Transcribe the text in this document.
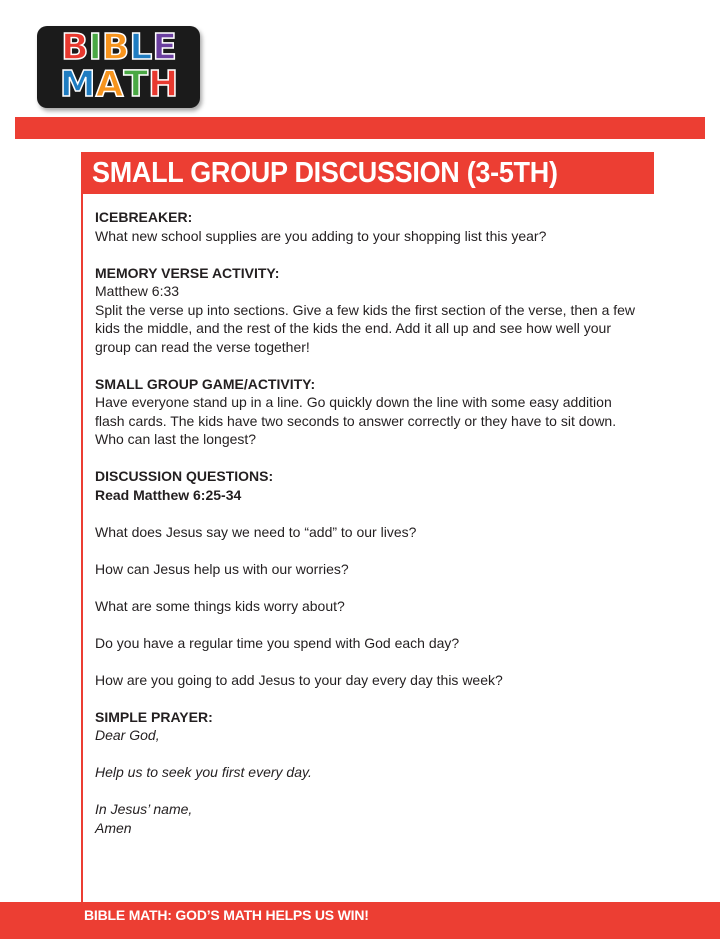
B I B L E
M A T H
SMALL GROUP DISCUSSION (3-5TH)

ICEBREAKER:

What new school supplies are you adding to your shopping list this year?

MEMORY VERSE ACTIVITY:

Matthew 6:33

Split the verse up into sections. Give a few kids the first section of the verse, then a few

kids the middle, and the rest of the kids the end. Add it all up and see how well your

group can read the verse together!

SMALL GROUP GAME/ACTIVITY:

Have everyone stand up in a line. Go quickly down the line with some easy addition

flash cards. The kids have two seconds to answer correctly or they have to sit down.

Who can last the longest?

DISCUSSION QUESTIONS:

Read Matthew 6:25-34

What does Jesus say we need to “add” to our lives?

How can Jesus help us with our worries?

What are some things kids worry about?

Do you have a regular time you spend with God each day?

How are you going to add Jesus to your day every day this week?

SIMPLE PRAYER:

Dear God,

Help us to seek you first every day.

In Jesus’ name,

Amen

BIBLE MATH: GOD’S MATH HELPS US WIN!
